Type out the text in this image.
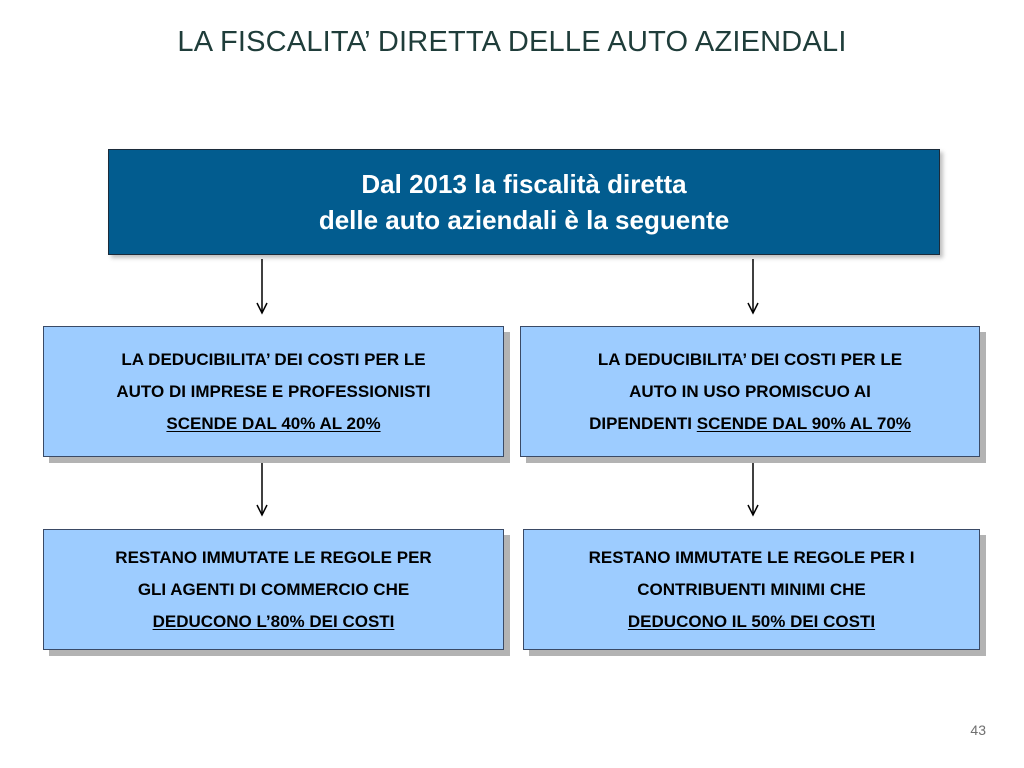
LA FISCALITA’ DIRETTA DELLE AUTO AZIENDALI
Dal 2013 la fiscalità diretta
delle auto aziendali è la seguente
LA DEDUCIBILITA’ DEI COSTI PER LE
AUTO DI IMPRESE E PROFESSIONISTI
SCENDE DAL 40% AL 20%
LA DEDUCIBILITA’ DEI COSTI PER LE
AUTO IN USO PROMISCUO AI
DIPENDENTI SCENDE DAL 90% AL 70%
RESTANO IMMUTATE LE REGOLE PER
GLI AGENTI DI COMMERCIO CHE
DEDUCONO L’80% DEI COSTI
RESTANO IMMUTATE LE REGOLE PER I
CONTRIBUENTI MINIMI CHE
DEDUCONO IL 50% DEI COSTI
43
